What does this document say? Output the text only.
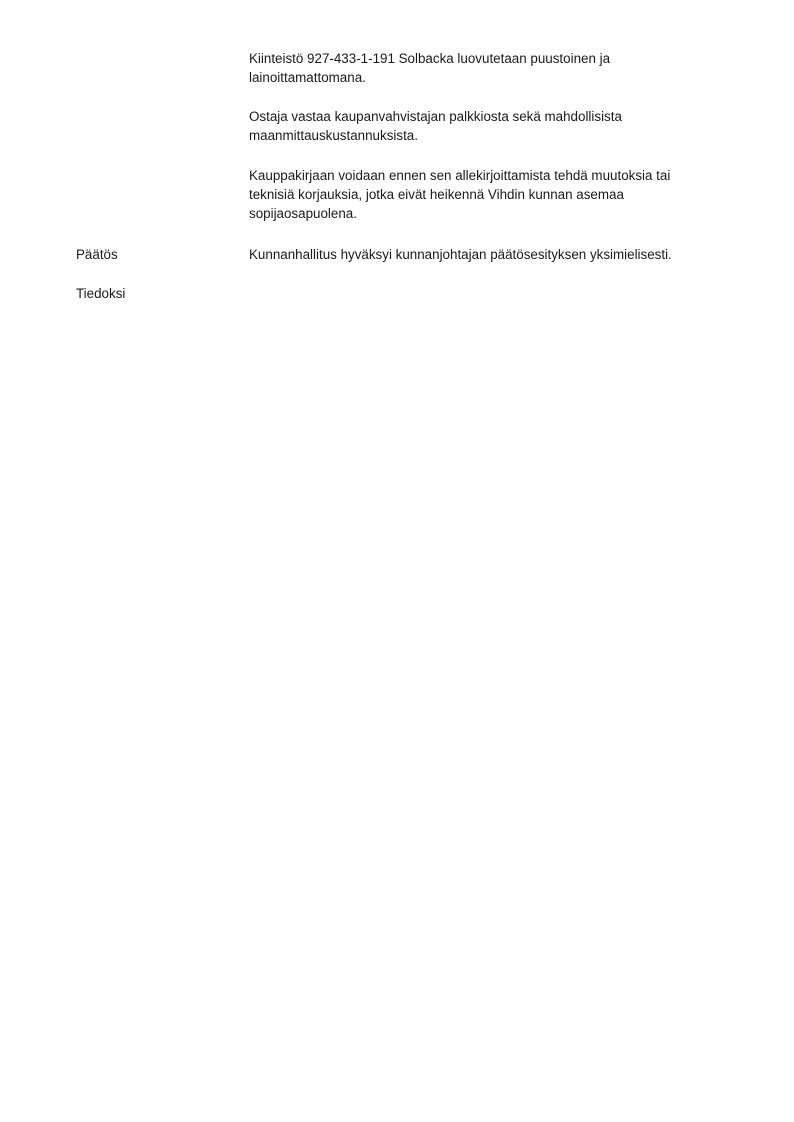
Kiinteistö 927-433-1-191 Solbacka luovutetaan puustoinen ja
lainoittamattomana.

Ostaja vastaa kaupanvahvistajan palkkiosta sekä mahdollisista
maanmittauskustannuksista.

Kauppakirjaan voidaan ennen sen allekirjoittamista tehdä muutoksia tai
teknisiä korjauksia, jotka eivät heikennä Vihdin kunnan asemaa
sopijaosapuolena.

Päätös	Kunnanhallitus hyväksyi kunnanjohtajan päätösesityksen yksimielisesti.
Tiedoksi
